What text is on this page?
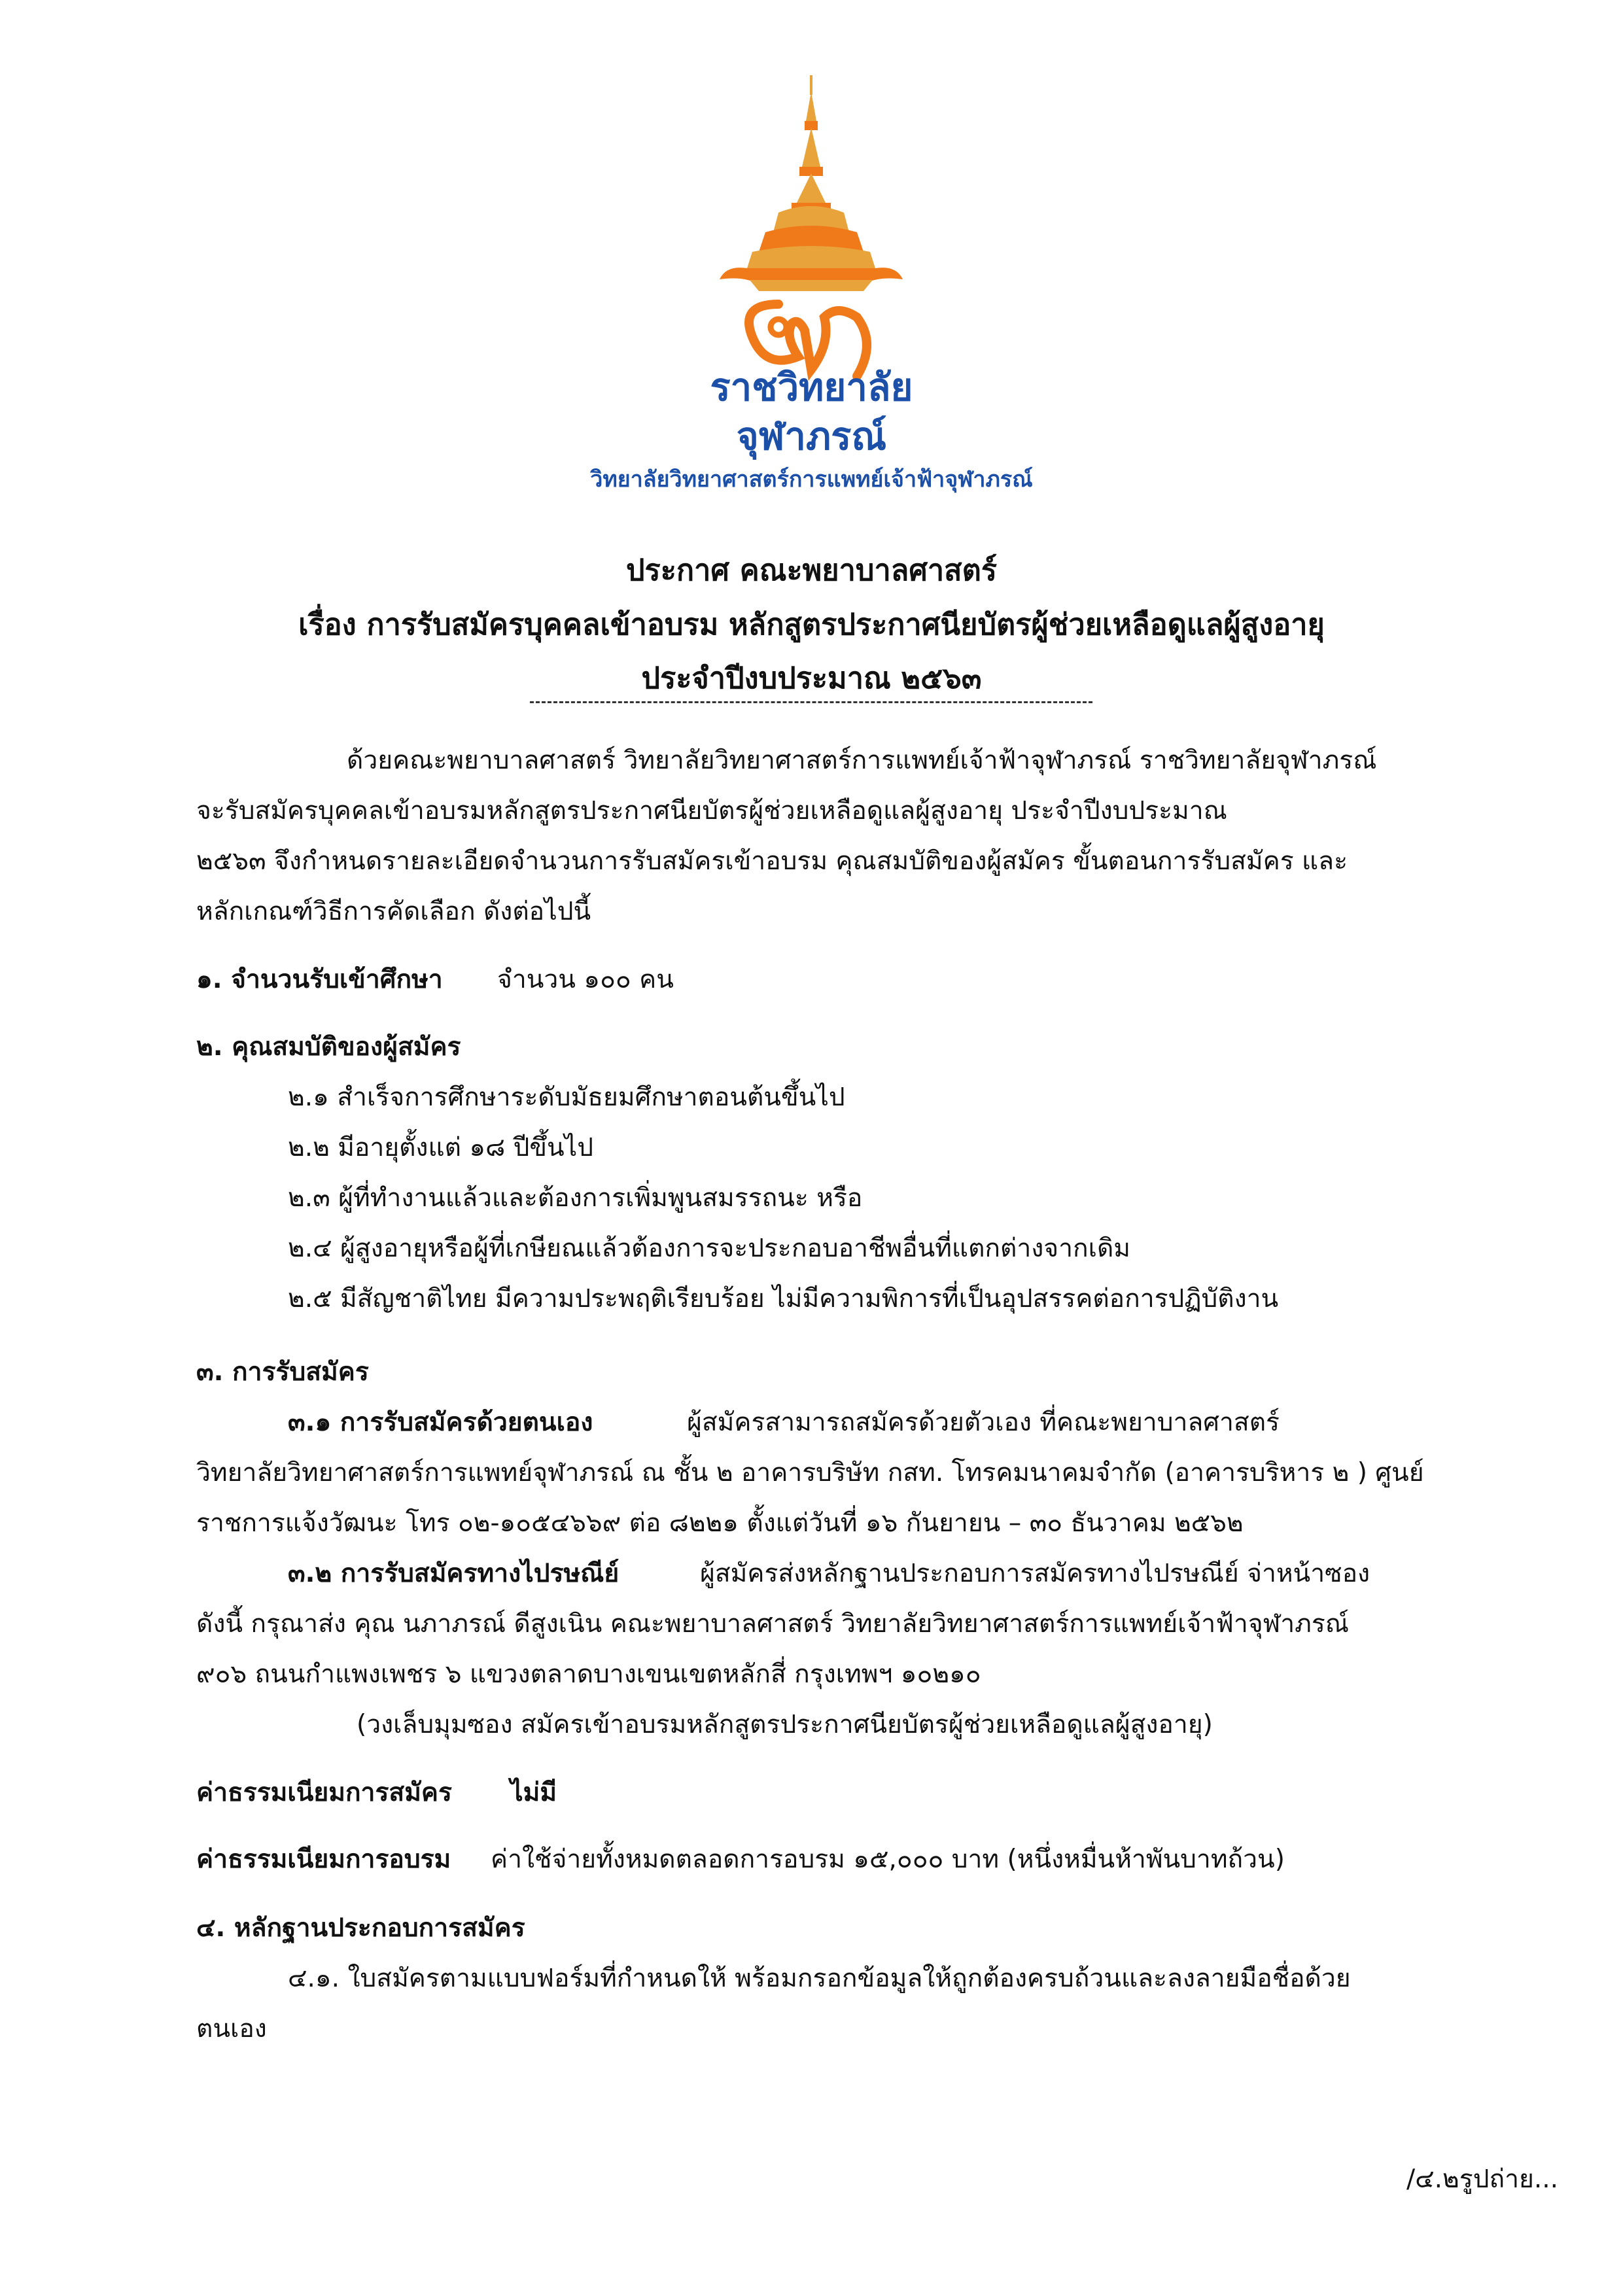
ราชวิทยาลัย
จุฬาภรณ์
วิทยาลัยวิทยาศาสตร์การแพทย์เจ้าฟ้าจุฬาภรณ์
ประกาศ คณะพยาบาลศาสตร์
เรื่อง การรับสมัครบุคคลเข้าอบรม หลักสูตรประกาศนียบัตรผู้ช่วยเหลือดูแลผู้สูงอายุ
ประจำปีงบประมาณ ๒๕๖๓
ด้วยคณะพยาบาลศาสตร์ วิทยาลัยวิทยาศาสตร์การแพทย์เจ้าฟ้าจุฬาภรณ์ ราชวิทยาลัยจุฬาภรณ์
จะรับสมัครบุคคลเข้าอบรมหลักสูตรประกาศนียบัตรผู้ช่วยเหลือดูแลผู้สูงอายุ ประจำปีงบประมาณ
๒๕๖๓ จึงกำหนดรายละเอียดจำนวนการรับสมัครเข้าอบรม คุณสมบัติของผู้สมัคร ขั้นตอนการรับสมัคร และ
หลักเกณฑ์วิธีการคัดเลือก ดังต่อไปนี้
๑. จำนวนรับเข้าศึกษา จำนวน ๑๐๐ คน
๒. คุณสมบัติของผู้สมัคร
๒.๑ สำเร็จการศึกษาระดับมัธยมศึกษาตอนต้นขึ้นไป
๒.๒ มีอายุตั้งแต่ ๑๘ ปีขึ้นไป
๒.๓ ผู้ที่ทำงานแล้วและต้องการเพิ่มพูนสมรรถนะ หรือ
๒.๔ ผู้สูงอายุหรือผู้ที่เกษียณแล้วต้องการจะประกอบอาชีพอื่นที่แตกต่างจากเดิม
๒.๕ มีสัญชาติไทย มีความประพฤติเรียบร้อย ไม่มีความพิการที่เป็นอุปสรรคต่อการปฏิบัติงาน
๓. การรับสมัคร
๓.๑ การรับสมัครด้วยตนเอง	ผู้สมัครสามารถสมัครด้วยตัวเอง ที่คณะพยาบาลศาสตร์
วิทยาลัยวิทยาศาสตร์การแพทย์จุฬาภรณ์ ณ ชั้น ๒ อาคารบริษัท กสท. โทรคมนาคมจำกัด (อาคารบริหาร ๒ ) ศูนย์
ราชการแจ้งวัฒนะ โทร ๐๒-๑๐๕๔๖๖๙ ต่อ ๘๒๒๑ ตั้งแต่วันที่ ๑๖ กันยายน – ๓๐ ธันวาคม ๒๕๖๒
๓.๒ การรับสมัครทางไปรษณีย์	ผู้สมัครส่งหลักฐานประกอบการสมัครทางไปรษณีย์ จ่าหน้าซอง
ดังนี้ กรุณาส่ง คุณ นภาภรณ์ ดีสูงเนิน คณะพยาบาลศาสตร์ วิทยาลัยวิทยาศาสตร์การแพทย์เจ้าฟ้าจุฬาภรณ์
๙๐๖ ถนนกำแพงเพชร ๖ แขวงตลาดบางเขนเขตหลักสี่ กรุงเทพฯ ๑๐๒๑๐
(วงเล็บมุมซอง สมัครเข้าอบรมหลักสูตรประกาศนียบัตรผู้ช่วยเหลือดูแลผู้สูงอายุ)
ค่าธรรมเนียมการสมัคร ไม่มี
ค่าธรรมเนียมการอบรม ค่าใช้จ่ายทั้งหมดตลอดการอบรม ๑๕,๐๐๐ บาท (หนึ่งหมื่นห้าพันบาทถ้วน)
๔. หลักฐานประกอบการสมัคร
๔.๑. ใบสมัครตามแบบฟอร์มที่กำหนดให้ พร้อมกรอกข้อมูลให้ถูกต้องครบถ้วนและลงลายมือชื่อด้วย
ตนเอง
/๔.๒รูปถ่าย...
